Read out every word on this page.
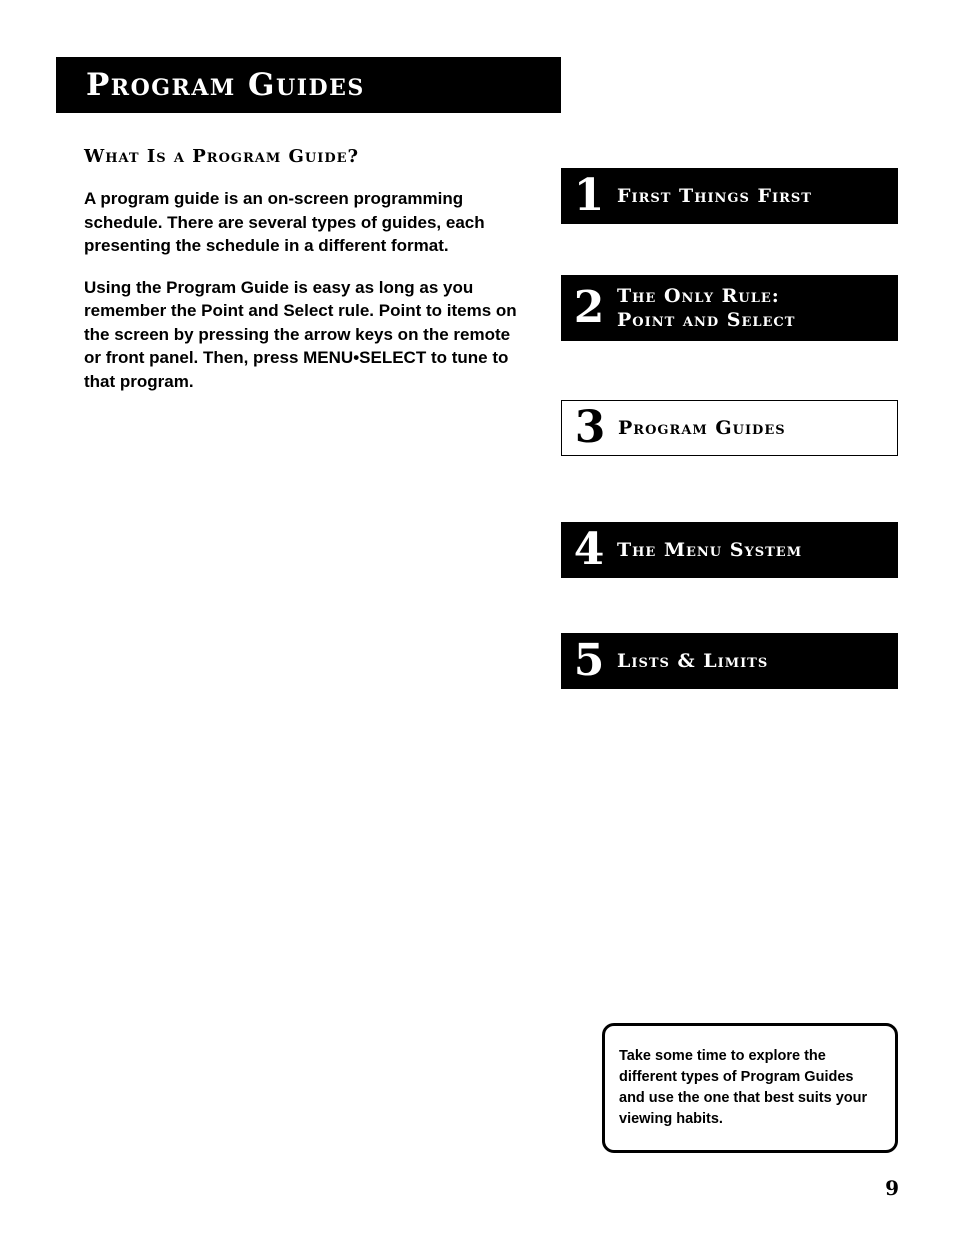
Program Guides
What Is a Program Guide?

A program guide is an on-screen programming schedule. There are several types of guides, each presenting the schedule in a different format.

Using the Program Guide is easy as long as you remember the Point and Select rule. Point to items on the screen by pressing the arrow keys on the remote or front panel. Then, press MENU•SELECT to tune to that program.

1 First Things First
2 The Only Rule:
Point and Select
3 Program Guides
4 The Menu System
5 Lists & Limits

Take some time to explore the different types of Program Guides and use the one that best suits your viewing habits.

9
